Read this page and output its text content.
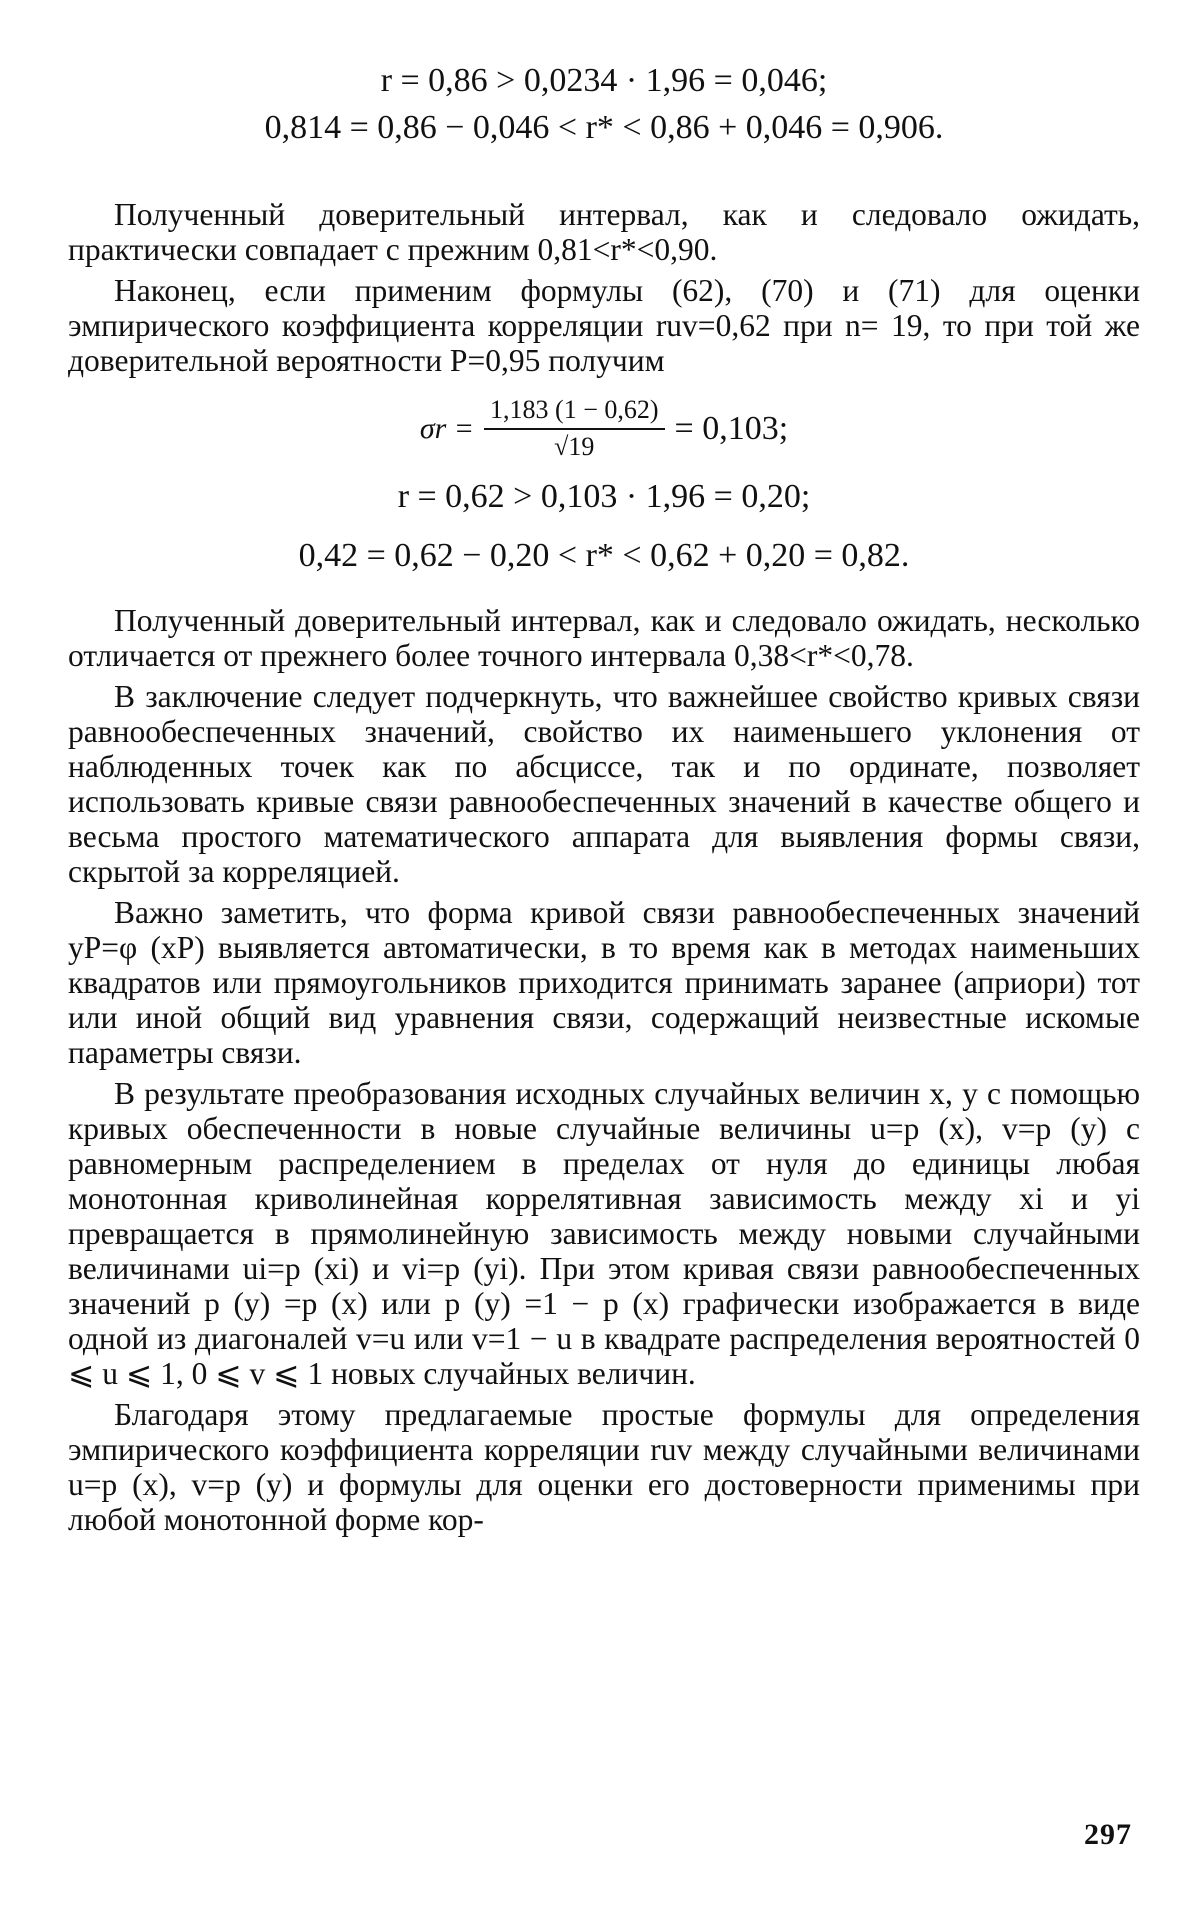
r = 0,86 > 0,0234 · 1,96 = 0,046;

0,814 = 0,86 − 0,046 < r* < 0,86 + 0,046 = 0,906.

Полученный доверительный интервал, как и следовало ожидать, практически совпадает с прежним 0,81<r*<0,90.

Наконец, если применим формулы (62), (70) и (71) для оценки эмпирического коэффициента корреляции ruv=0,62 при n= 19, то при той же доверительной вероятности P=0,95 получим

$\sigma r = \frac{1,183 (1 - 0,62)}{√19} = 0,103$;

r = 0,62 > 0,103 · 1,96 = 0,20;

0,42 = 0,62 − 0,20 < r* < 0,62 + 0,20 = 0,82.

Полученный доверительный интервал, как и следовало ожидать, несколько отличается от прежнего более точного интервала 0,38<r*<0,78.

В заключение следует подчеркнуть, что важнейшее свойство кривых связи равнообеспеченных значений, свойство их наименьшего уклонения от наблюденных точек как по абсциссе, так и по ординате, позволяет использовать кривые связи равнообеспеченных значений в качестве общего и весьма простого математического аппарата для выявления формы связи, скрытой за корреляцией.

Важно заметить, что форма кривой связи равнообеспеченных значений yP=φ (xP) выявляется автоматически, в то время как в методах наименьших квадратов или прямоугольников приходится принимать заранее (априори) тот или иной общий вид уравнения связи, содержащий неизвестные искомые параметры связи.

В результате преобразования исходных случайных величин x, y с помощью кривых обеспеченности в новые случайные величины u=p (x), v=p (y) с равномерным распределением в пределах от нуля до единицы любая монотонная криволинейная коррелятивная зависимость между xi и yi превращается в прямолинейную зависимость между новыми случайными величинами ui=p (xi) и vi=p (yi). При этом кривая связи равнообеспеченных значений p (y) =p (x) или p (y) =1 − p (x) графически изображается в виде одной из диагоналей v=u или v=1 − u в квадрате распределения вероятностей 0 ⩽ u ⩽ 1, 0 ⩽ v ⩽ 1 новых случайных величин.

Благодаря этому предлагаемые простые формулы для определения эмпирического коэффициента корреляции ruv между случайными величинами u=p (x), v=p (y) и формулы для оценки его достоверности применимы при любой монотонной форме кор-

297
